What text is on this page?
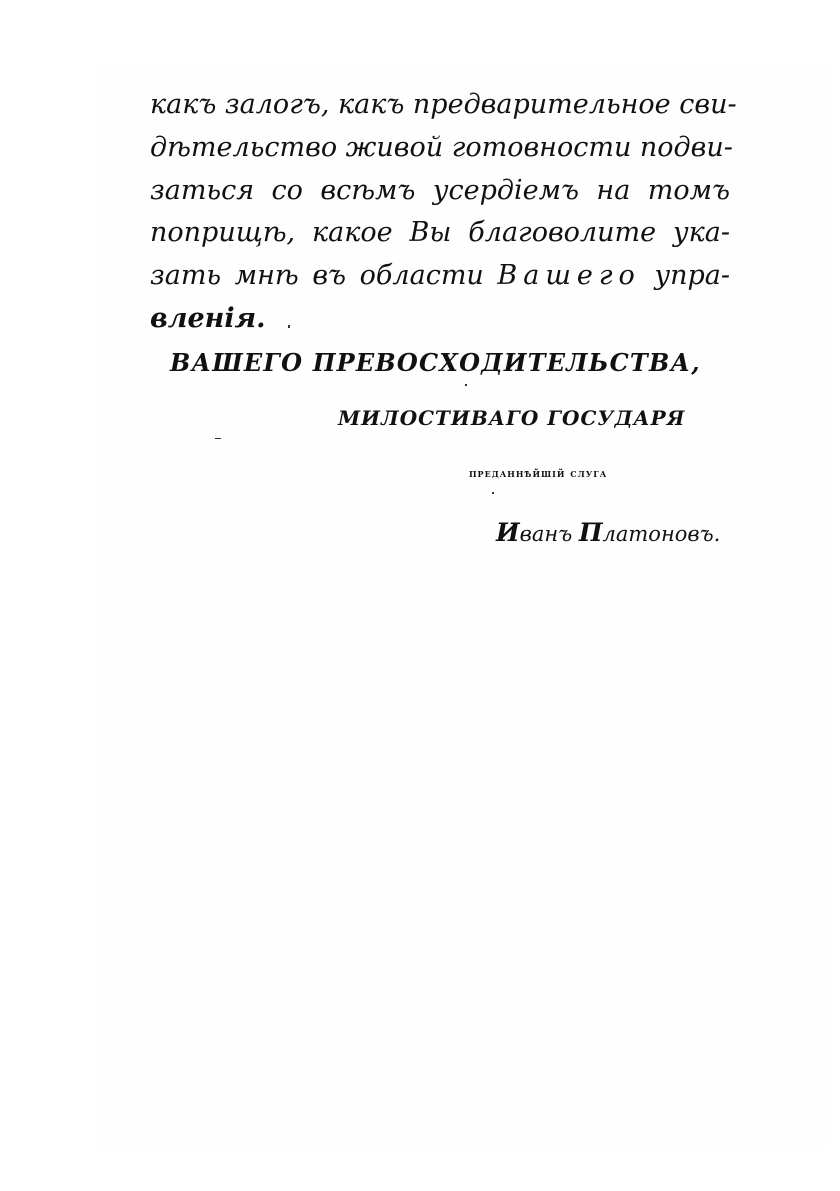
какъ залогъ, какъ предварительное сви-
дѣтельство живой готовности подви-
заться со всѣмъ усердіемъ на томъ
поприщѣ, какое Вы благоволите ука-
зать мнѣ въ области Вашего упра-
вленія.
ВАШЕГО ПРЕВОСХОДИТЕЛЬСТВА,
МИЛОСТИВАГО ГОСУДАРЯ
преданнѣйшій слуга
Иванъ Платоновъ.
